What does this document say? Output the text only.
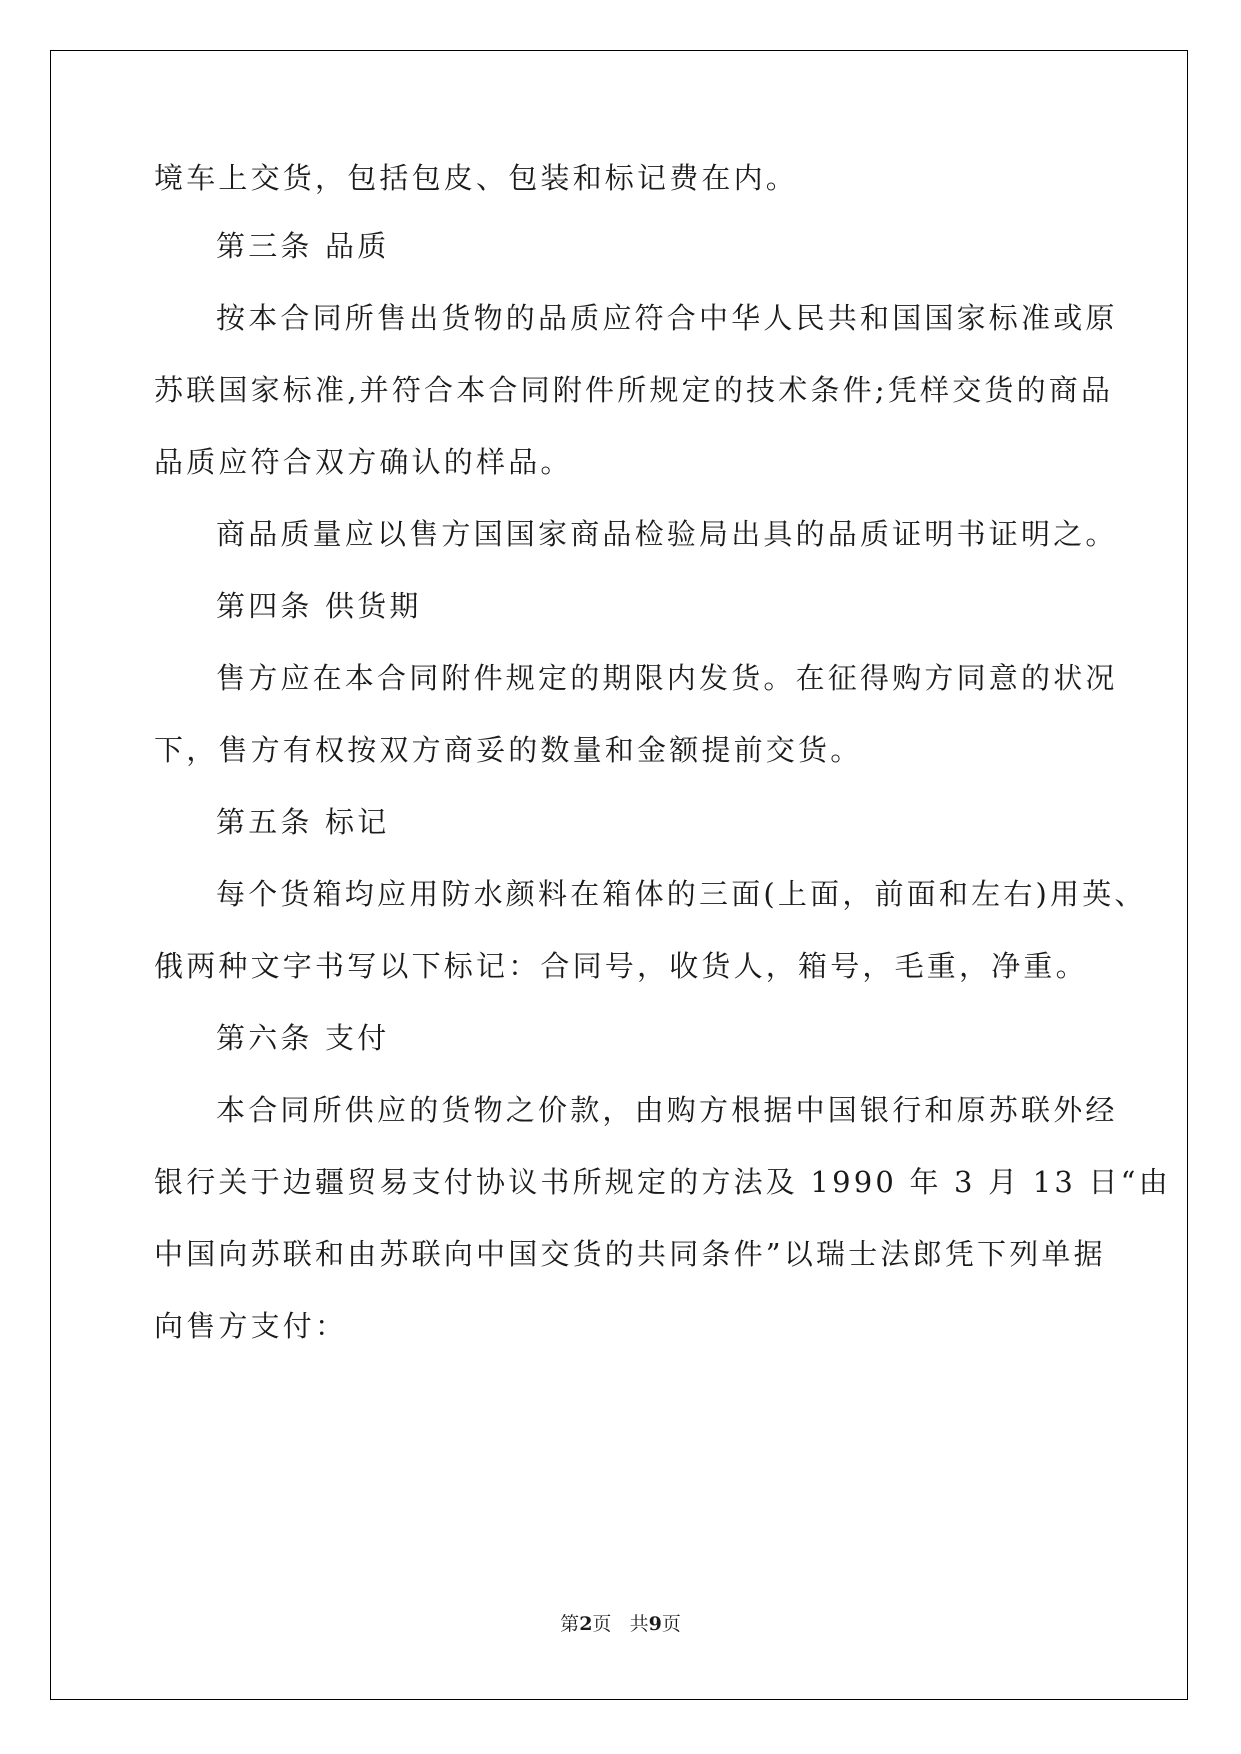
境车上交货，包括包皮、包装和标记费在内。
第三条 品质
按本合同所售出货物的品质应符合中华人民共和国国家标准或原
苏联国家标准,并符合本合同附件所规定的技术条件;凭样交货的商品
品质应符合双方确认的样品。
商品质量应以售方国国家商品检验局出具的品质证明书证明之。
第四条 供货期
售方应在本合同附件规定的期限内发货。在征得购方同意的状况
下，售方有权按双方商妥的数量和金额提前交货。
第五条 标记
每个货箱均应用防水颜料在箱体的三面(上面，前面和左右)用英、
俄两种文字书写以下标记：合同号，收货人，箱号，毛重，净重。
第六条 支付
本合同所供应的货物之价款，由购方根据中国银行和原苏联外经
银行关于边疆贸易支付协议书所规定的方法及 1990 年 3 月 13 日“由
中国向苏联和由苏联向中国交货的共同条件”以瑞士法郎凭下列单据
向售方支付：
第2页 共9页
